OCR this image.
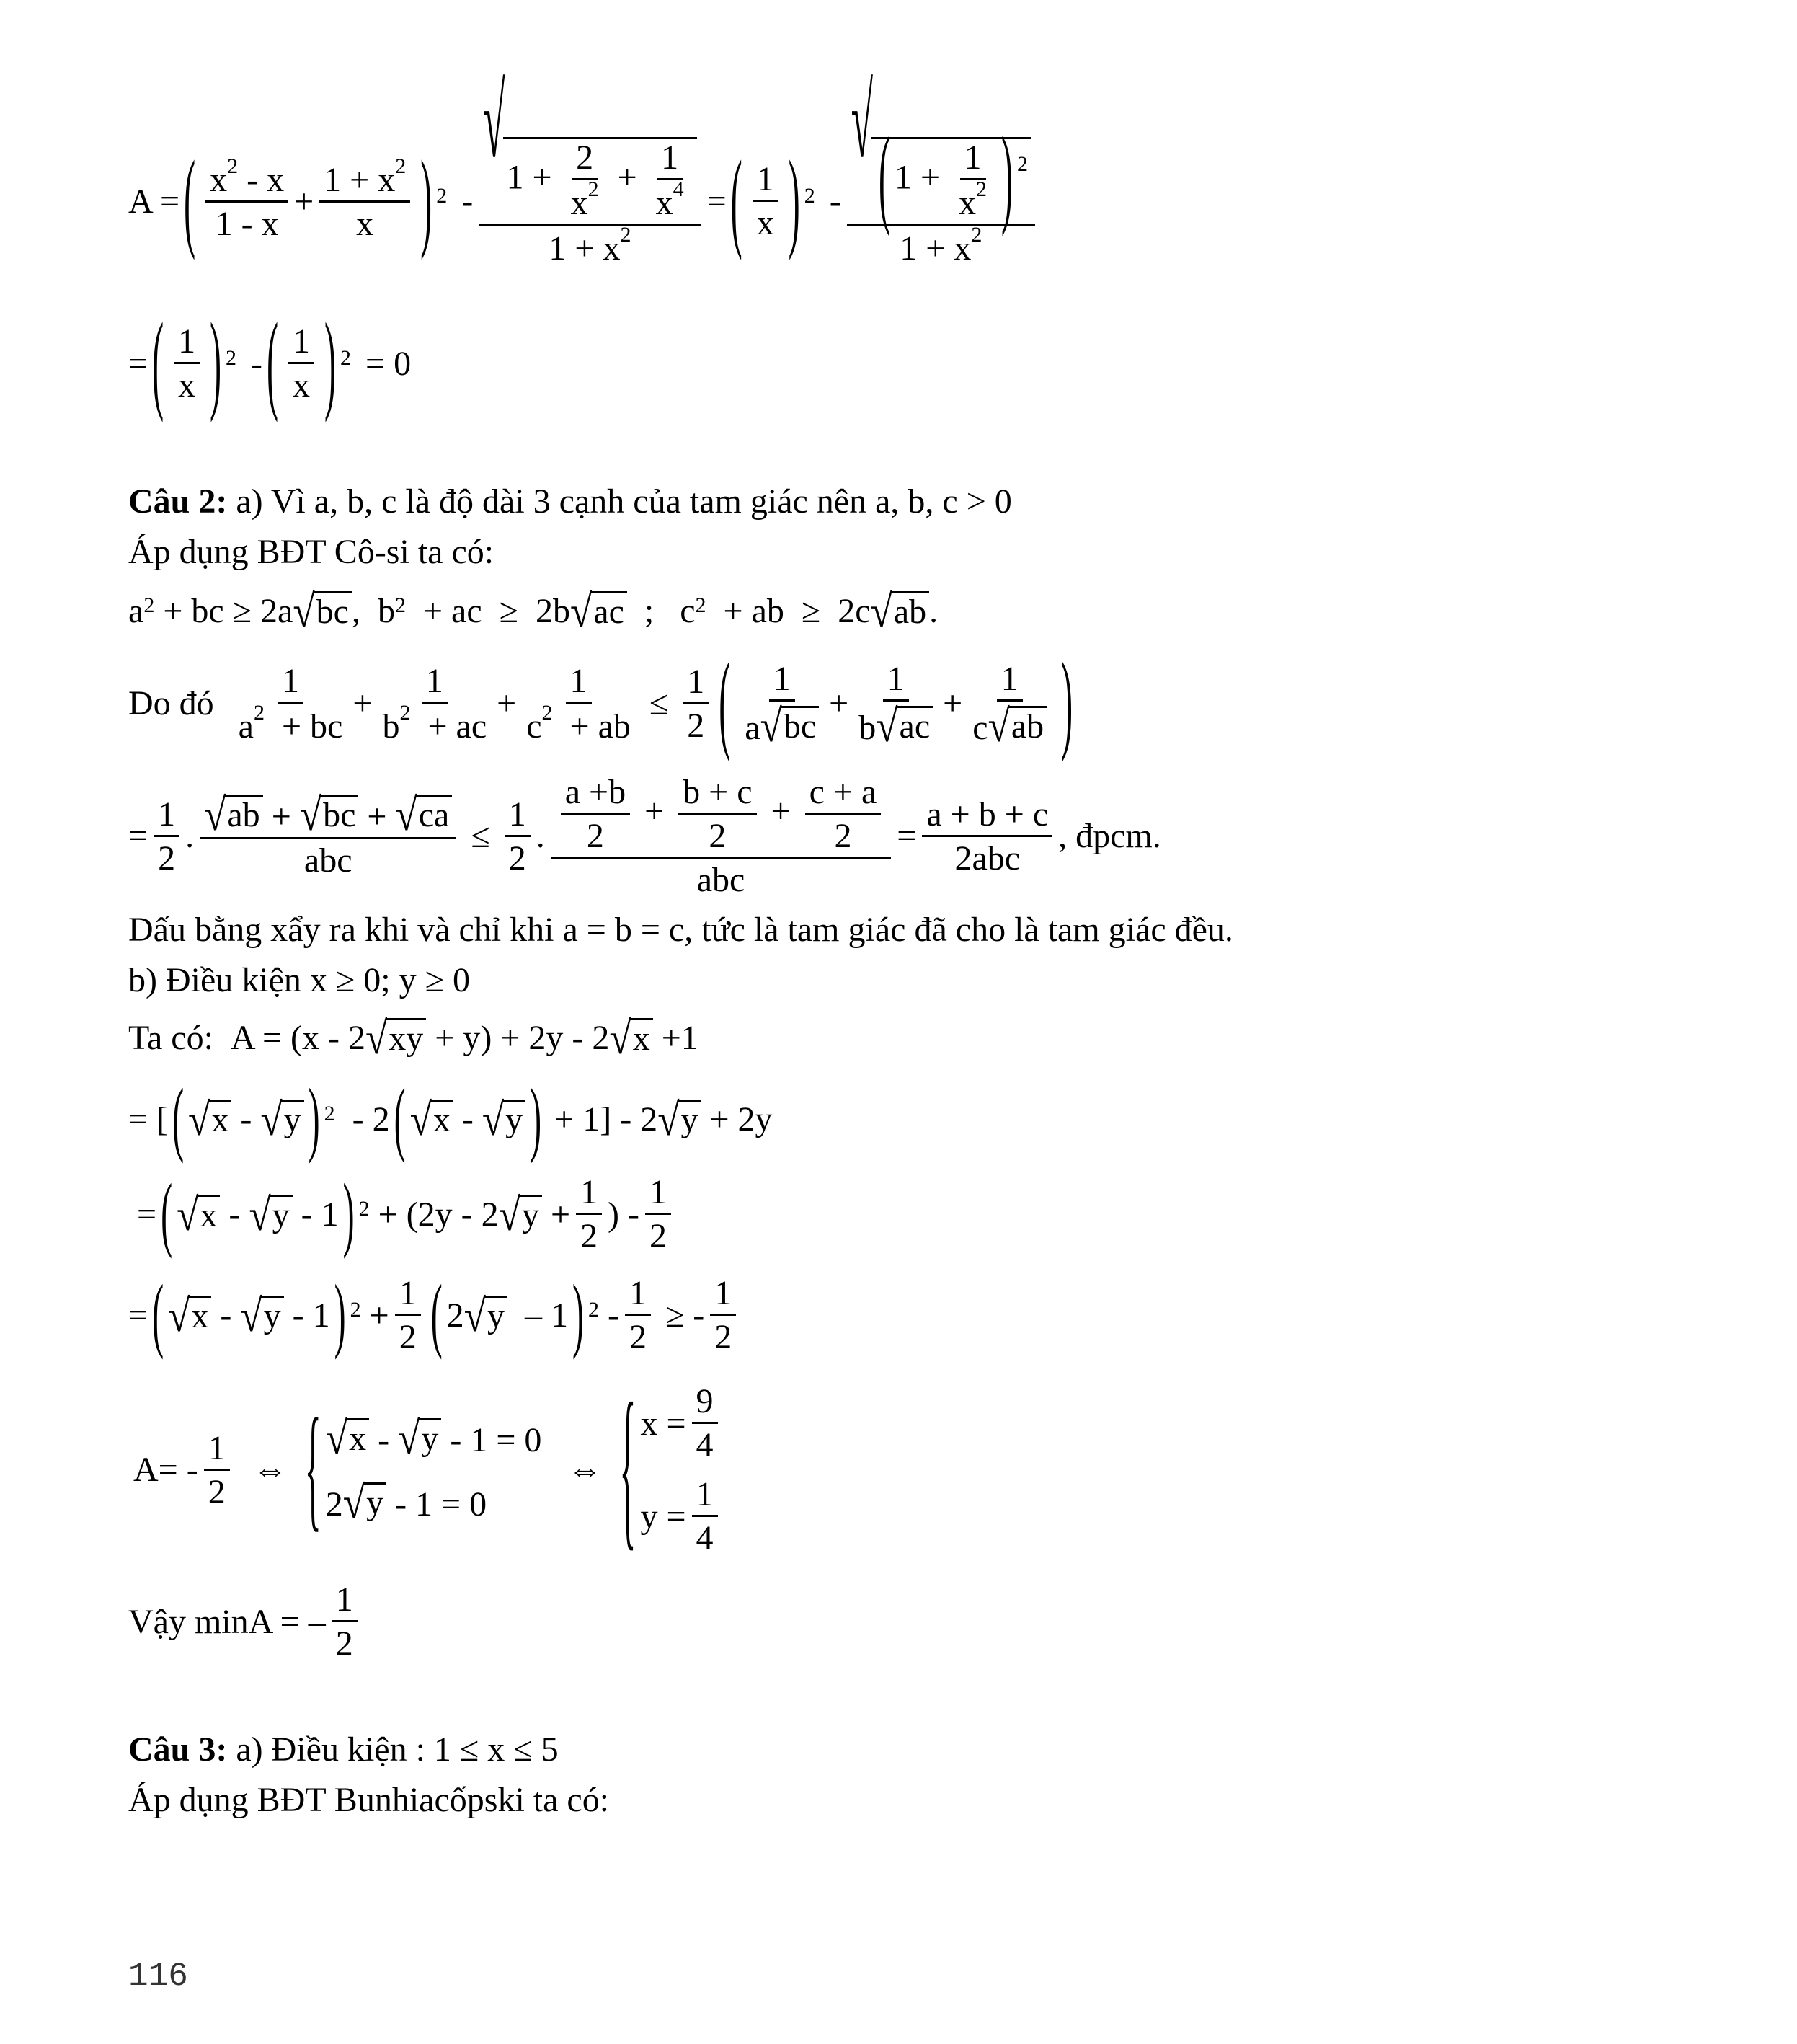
A = ( $\frac{x^2 - x}{1 - x} + \frac{1 + x^2}{x} )^2 - \frac{√ 1 + \frac{2}{x^2} + \frac{1}{x^4}}{1 + x^2}$ = ( $\frac{1}{x} )^2 - \frac{√ ( 1 + \frac{1}{x^2} ) ^2}{1 + x^2}$
= ( $\frac{1}{x} )^2$ - ( $\frac{1}{x} )^2 = 0$
Câu 2: a) Vì a, b, c là độ dài 3 cạnh của tam giác nên a, b, c > 0
Áp dụng BĐT Cô-si ta có:
$a^2$ + bc ≥ 2a √ bc ,  $b^2$ + ac  ≥  2b √ ac ;   $c^2$ + ab  ≥  2c √ ab .
Do đó $\frac{1}{a^2 + bc} + \frac{1}{b^2 + ac} + \frac{1}{c^2 + ab} \le \frac{1}{2}$ ( $\frac{1}{a √ bc} + \frac{1}{b √ ac} + \frac{1}{c √ ab}$ )
= $\frac{1}{2}$ . $\frac{√ ab + √ bc + √ ca}{\text{abc}} \le \frac{1}{2}$ . $\frac{\frac{a +b}{2} + \frac{b + c}{2} + \frac{c + a}{2}}{\text{abc}} = \frac{a + b + c}{\text{2abc}}$ , đpcm.
Dấu bằng xẩy ra khi và chỉ khi a = b = c, tức là tam giác đã cho là tam giác đều.
b) Điều kiện x ≥ 0; y ≥ 0
Ta có: A = (x - 2 √ xy + y) + 2y - 2 √ x +1
= [ ( √ x - √ y )$^2$ - 2 ( √ x - √ y ) + 1] - 2 √ y + 2y
= ( √ x - √ y - 1 )$^2$ + (2y - 2 √ $y + \frac{1}{2}$ ) - $\frac{1}{2}$
= ( √ x - √ y - 1 )$^2 + \frac{1}{2}$ ( 2 √ y – 1 )$^2 - \frac{1}{2}$ ≥ - $\frac{1}{2}$
$A= - \frac{1}{2}$ ⇔ { √ x - √ y - 1 = 0
2 √ y - 1 = 0
⇔ { $x = \frac{9}{4}$
$y = \frac{1}{4}$
Vậy minA = – $\frac{1}{2}$
Câu 3: a) Điều kiện : 1 ≤ x ≤ 5
Áp dụng BĐT Bunhiacốpski ta có:
116
